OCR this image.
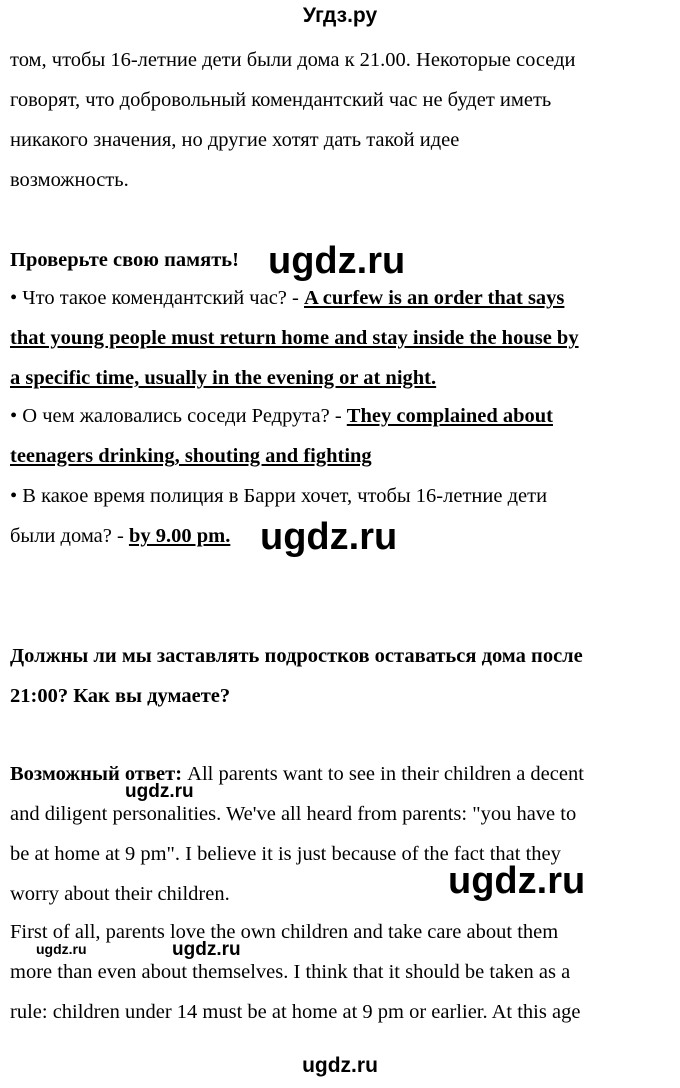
Угдз.ру
том, чтобы 16-летние дети были дома к 21.00. Некоторые соседи
говорят, что добровольный комендантский час не будет иметь
никакого значения, но другие хотят дать такой идее
возможность.
Проверьте свою память!
• Что такое комендантский час? - A curfew is an order that says
that young people must return home and stay inside the house by
a specific time, usually in the evening or at night.
• О чем жаловались соседи Редрута? - They complained about
teenagers drinking, shouting and fighting
• В какое время полиция в Барри хочет, чтобы 16-летние дети
были дома? - by 9.00 pm.
Должны ли мы заставлять подростков оставаться дома после
21:00? Как вы думаете?
Возможный ответ: All parents want to see in their children a decent
and diligent personalities. We've all heard from parents: "you have to
be at home at 9 pm". I believe it is just because of the fact that they
worry about their children.
First of all, parents love the own children and take care about them
more than even about themselves. I think that it should be taken as a
rule: children under 14 must be at home at 9 pm or earlier. At this age
ugdz.ru
ugdz.ru
ugdz.ru
ugdz.ru
ugdz.ru	ugdz.ru
ugdz.ru
